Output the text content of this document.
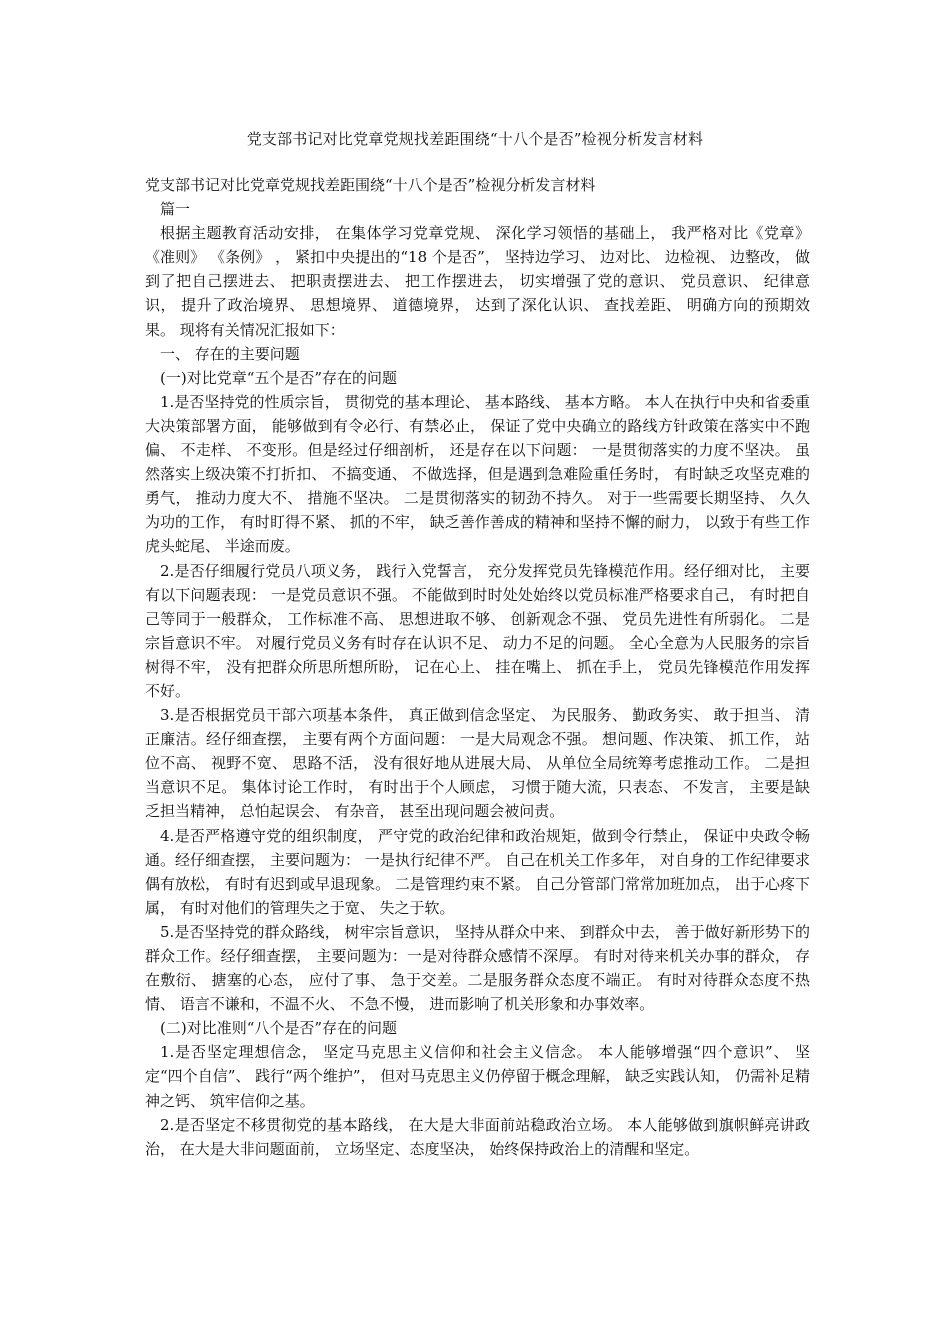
党支部书记对比党章党规找差距围绕“十八个是否”检视分析发言材料

党支部书记对比党章党规找差距围绕“十八个是否”检视分析发言材料

篇一

根据主题教育活动安排， 在集体学习党章党规、 深化学习领悟的基础上， 我严格对比《党章》 《准则》 《条例》 ， 紧扣中央提出的“18 个是否”， 坚持边学习、 边对比、 边检视、 边整改， 做到了把自己摆进去、 把职责摆进去、 把工作摆进去， 切实增强了党的意识、 党员意识、 纪律意识， 提升了政治境界、 思想境界、 道德境界， 达到了深化认识、 查找差距、 明确方向的预期效果。 现将有关情况汇报如下：

一、 存在的主要问题

(一)对比党章“五个是否”存在的问题

1.是否坚持党的性质宗旨， 贯彻党的基本理论、 基本路线、 基本方略。 本人在执行中央和省委重大决策部署方面， 能够做到有令必行、有禁必止， 保证了党中央确立的路线方针政策在落实中不跑偏、 不走样、 不变形。但是经过仔细剖析， 还是存在以下问题： 一是贯彻落实的力度不坚决。 虽然落实上级决策不打折扣、 不搞变通、 不做选择，但是遇到急难险重任务时， 有时缺乏攻坚克难的勇气， 推动力度大不、 措施不坚决。 二是贯彻落实的韧劲不持久。 对于一些需要长期坚持、 久久为功的工作， 有时盯得不紧、 抓的不牢， 缺乏善作善成的精神和坚持不懈的耐力， 以致于有些工作虎头蛇尾、 半途而废。

2.是否仔细履行党员八项义务， 践行入党誓言， 充分发挥党员先锋模范作用。经仔细对比， 主要有以下问题表现： 一是党员意识不强。 不能做到时时处处始终以党员标准严格要求自己， 有时把自己等同于一般群众， 工作标准不高、 思想进取不够、 创新观念不强、 党员先进性有所弱化。 二是宗旨意识不牢。 对履行党员义务有时存在认识不足、 动力不足的问题。 全心全意为人民服务的宗旨树得不牢， 没有把群众所思所想所盼， 记在心上、 挂在嘴上、 抓在手上， 党员先锋模范作用发挥不好。

3.是否根据党员干部六项基本条件， 真正做到信念坚定、 为民服务、 勤政务实、 敢于担当、 清正廉洁。经仔细查摆， 主要有两个方面问题： 一是大局观念不强。 想问题、作决策、 抓工作， 站位不高、 视野不宽、 思路不活， 没有很好地从进展大局、 从单位全局统筹考虑推动工作。 二是担当意识不足。 集体讨论工作时， 有时出于个人顾虑， 习惯于随大流，只表态、 不发言， 主要是缺乏担当精神， 总怕起误会、 有杂音， 甚至出现问题会被问责。

4.是否严格遵守党的组织制度， 严守党的政治纪律和政治规矩，做到令行禁止， 保证中央政令畅通。经仔细查摆， 主要问题为： 一是执行纪律不严。 自己在机关工作多年， 对自身的工作纪律要求偶有放松， 有时有迟到或早退现象。 二是管理约束不紧。 自己分管部门常常加班加点， 出于心疼下属， 有时对他们的管理失之于宽、 失之于软。

5.是否坚持党的群众路线， 树牢宗旨意识， 坚持从群众中来、 到群众中去， 善于做好新形势下的群众工作。经仔细查摆， 主要问题为：一是对待群众感情不深厚。 有时对待来机关办事的群众， 存在敷衍、 搪塞的心态， 应付了事、 急于交差。二是服务群众态度不端正。 有时对待群众态度不热情、 语言不谦和，不温不火、 不急不慢， 进而影响了机关形象和办事效率。

(二)对比准则“八个是否”存在的问题

1.是否坚定理想信念， 坚定马克思主义信仰和社会主义信念。 本人能够增强“四个意识”、 坚定“四个自信”、 践行“两个维护”， 但对马克思主义仍停留于概念理解， 缺乏实践认知， 仍需补足精神之钙、 筑牢信仰之基。

2.是否坚定不移贯彻党的基本路线， 在大是大非面前站稳政治立场。 本人能够做到旗帜鲜亮讲政治， 在大是大非问题面前， 立场坚定、态度坚决， 始终保持政治上的清醒和坚定。
